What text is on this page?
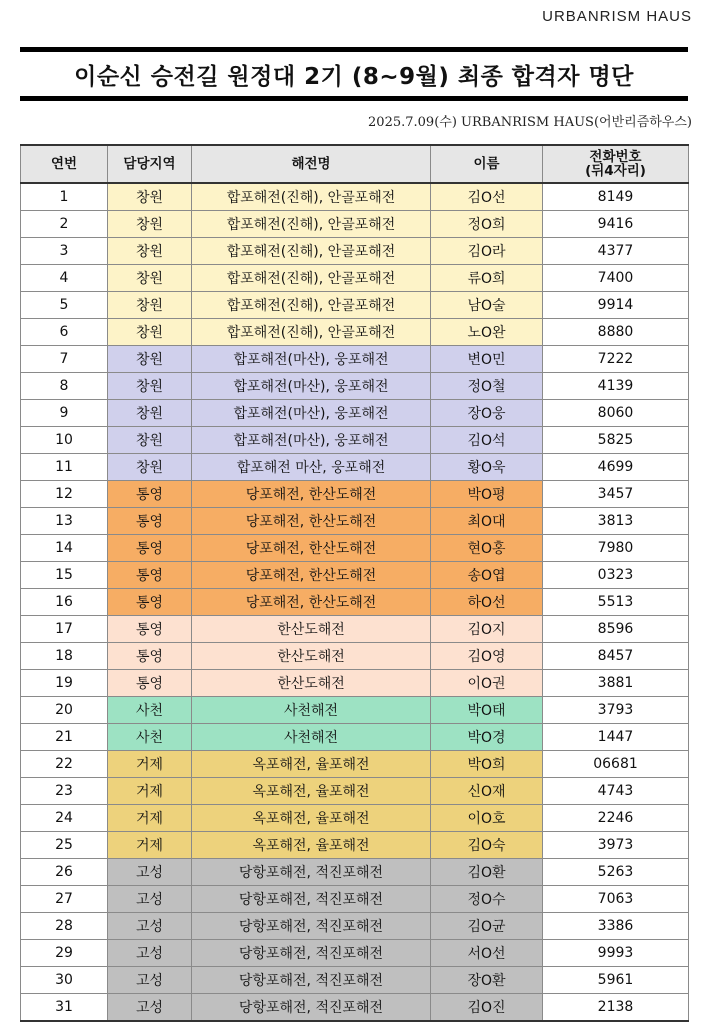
URBANRISM HAUS
이순신 승전길 원정대 2기 (8~9월) 최종 합격자 명단
2025.7.09(수) URBANRISM HAUS(어반리즘하우스)
연번	담당지역	해전명	이름	전화번호
(뒤4자리)
1	창원	합포해전(진해), 안골포해전	김O선	8149
2	창원	합포해전(진해), 안골포해전	정O희	9416
3	창원	합포해전(진해), 안골포해전	김O라	4377
4	창원	합포해전(진해), 안골포해전	류O희	7400
5	창원	합포해전(진해), 안골포해전	남O술	9914
6	창원	합포해전(진해), 안골포해전	노O완	8880
7	창원	합포해전(마산), 웅포해전	변O민	7222
8	창원	합포해전(마산), 웅포해전	정O철	4139
9	창원	합포해전(마산), 웅포해전	장O웅	8060
10	창원	합포해전(마산), 웅포해전	김O석	5825
11	창원	합포해전 마산, 웅포해전	황O욱	4699
12	통영	당포해전, 한산도해전	박O평	3457
13	통영	당포해전, 한산도해전	최O대	3813
14	통영	당포해전, 한산도해전	현O홍	7980
15	통영	당포해전, 한산도해전	송O엽	0323
16	통영	당포해전, 한산도해전	하O선	5513
17	통영	한산도해전	김O지	8596
18	통영	한산도해전	김O영	8457
19	통영	한산도해전	이O권	3881
20	사천	사천해전	박O태	3793
21	사천	사천해전	박O경	1447
22	거제	옥포해전, 율포해전	박O희	06681
23	거제	옥포해전, 율포해전	신O재	4743
24	거제	옥포해전, 율포해전	이O호	2246
25	거제	옥포해전, 율포해전	김O숙	3973
26	고성	당항포해전, 적진포해전	김O환	5263
27	고성	당항포해전, 적진포해전	정O수	7063
28	고성	당항포해전, 적진포해전	김O균	3386
29	고성	당항포해전, 적진포해전	서O선	9993
30	고성	당항포해전, 적진포해전	장O환	5961
31	고성	당항포해전, 적진포해전	김O진	2138
